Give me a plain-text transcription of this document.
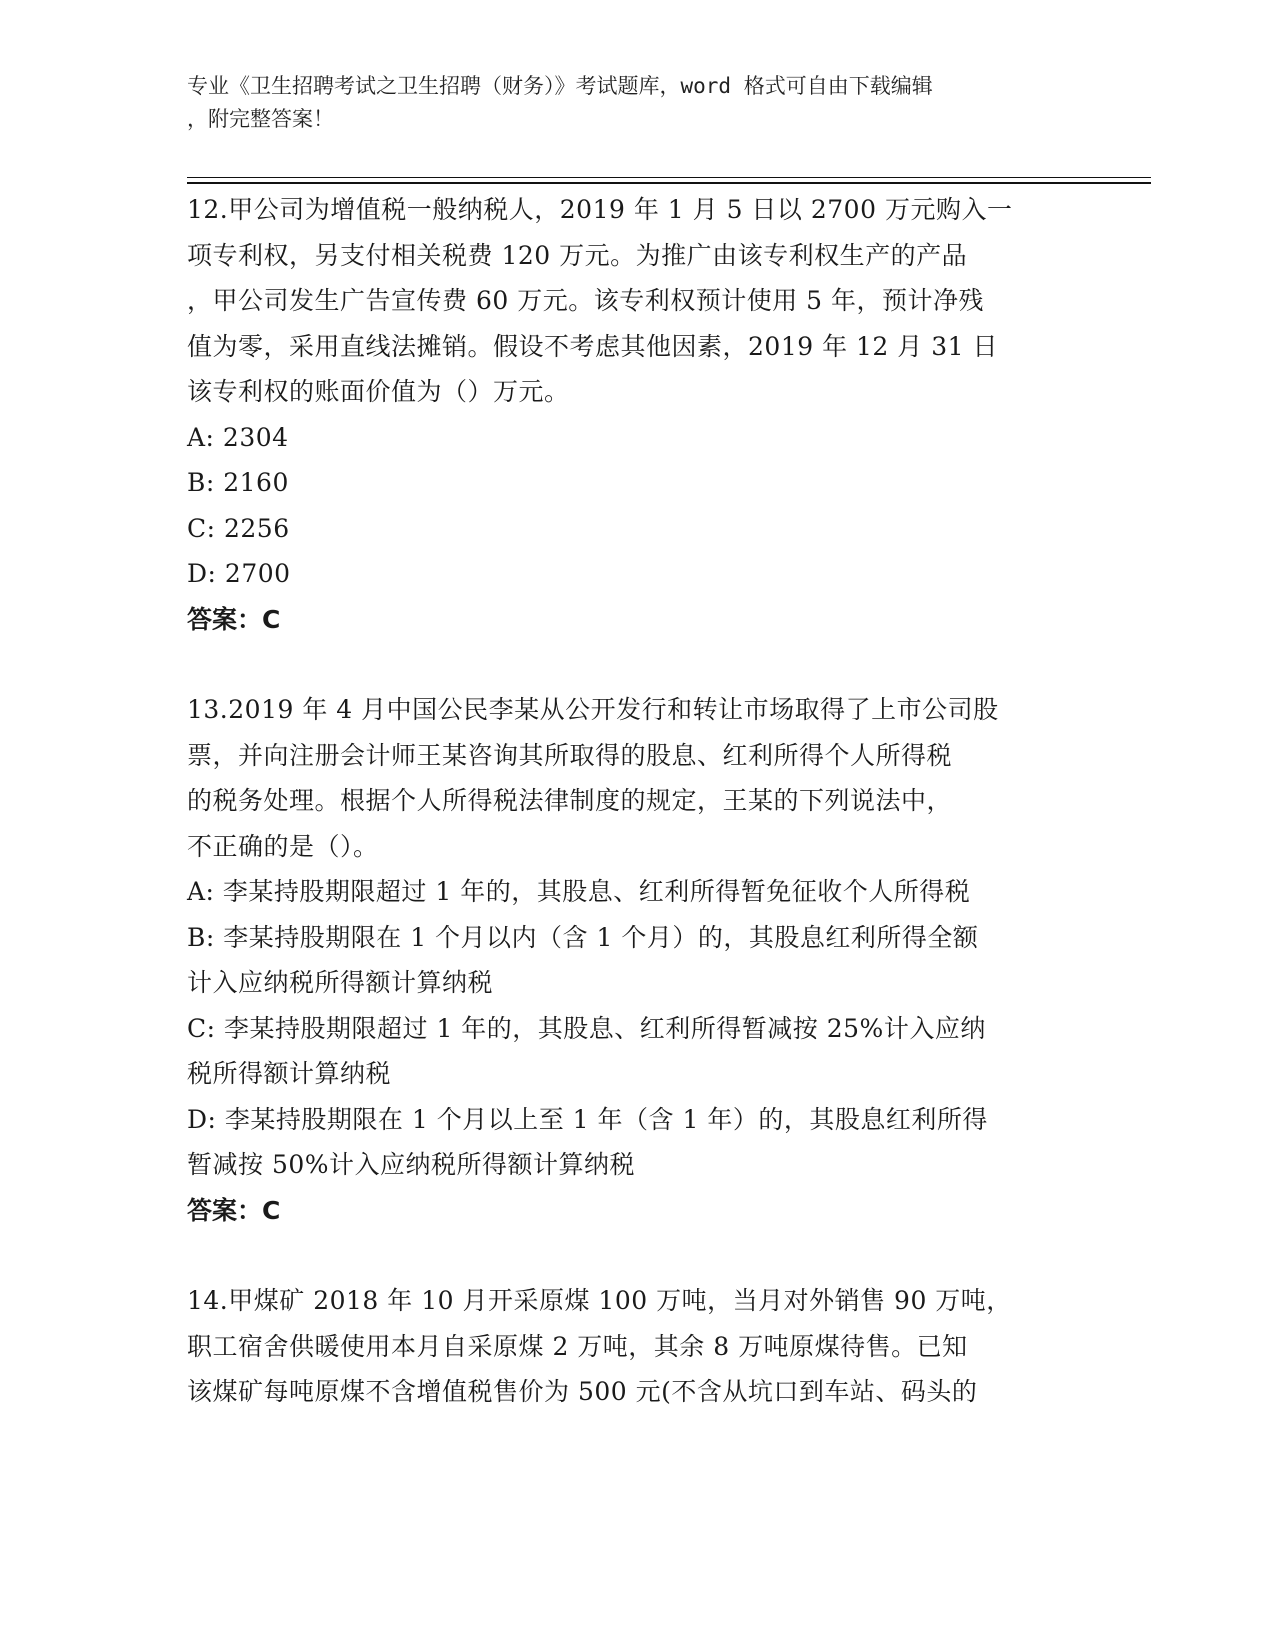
专业《卫生招聘考试之卫生招聘（财务）》考试题库，word 格式可自由下载编辑
，附完整答案！

12.甲公司为增值税一般纳税人，2019 年 1 月 5 日以 2700 万元购入一

项专利权，另支付相关税费 120 万元。为推广由该专利权生产的产品

，甲公司发生广告宣传费 60 万元。该专利权预计使用 5 年，预计净残

值为零，采用直线法摊销。假设不考虑其他因素，2019 年 12 月 31 日

该专利权的账面价值为（）万元。

A: 2304

B: 2160

C: 2256

D: 2700

答案：C

13.2019 年 4 月中国公民李某从公开发行和转让市场取得了上市公司股

票，并向注册会计师王某咨询其所取得的股息、红利所得个人所得税

的税务处理。根据个人所得税法律制度的规定，王某的下列说法中，

不正确的是（）。

A: 李某持股期限超过 1 年的，其股息、红利所得暂免征收个人所得税

B: 李某持股期限在 1 个月以内（含 1 个月）的，其股息红利所得全额

计入应纳税所得额计算纳税

C: 李某持股期限超过 1 年的，其股息、红利所得暂减按 25%计入应纳

税所得额计算纳税

D: 李某持股期限在 1 个月以上至 1 年（含 1 年）的，其股息红利所得

暂减按 50%计入应纳税所得额计算纳税

答案：C

14.甲煤矿 2018 年 10 月开采原煤 100 万吨，当月对外销售 90 万吨，

职工宿舍供暖使用本月自采原煤 2 万吨，其余 8 万吨原煤待售。已知

该煤矿每吨原煤不含增值税售价为 500 元(不含从坑口到车站、码头的
